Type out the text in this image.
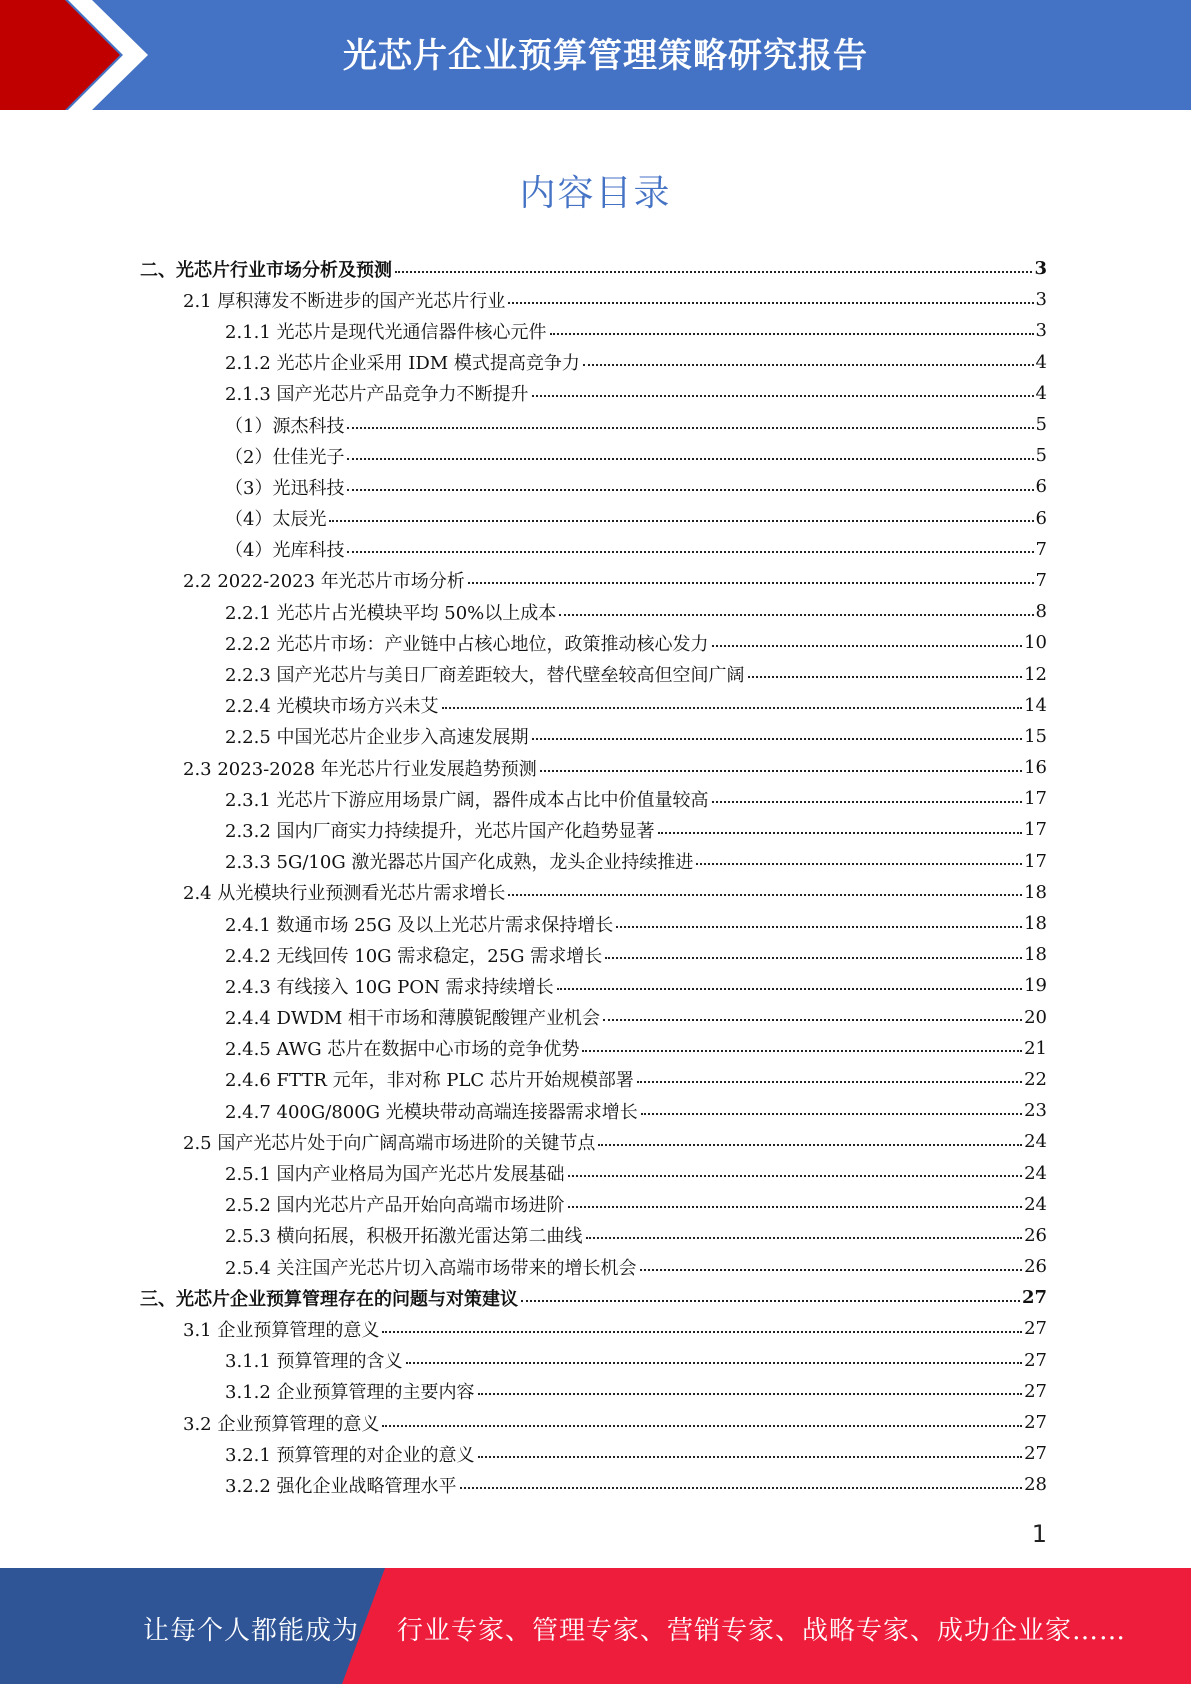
光芯片企业预算管理策略研究报告
内容目录
二、光芯片行业市场分析及预测	3
2.1 厚积薄发不断进步的国产光芯片行业	3
2.1.1 光芯片是现代光通信器件核心元件	3
2.1.2 光芯片企业采用 IDM 模式提高竞争力	4
2.1.3 国产光芯片产品竞争力不断提升	4
（1）源杰科技	5
（2）仕佳光子	5
（3）光迅科技	6
（4）太辰光	6
（4）光库科技	7
2.2 2022-2023 年光芯片市场分析	7
2.2.1 光芯片占光模块平均 50%以上成本	8
2.2.2 光芯片市场：产业链中占核心地位，政策推动核心发力	10
2.2.3 国产光芯片与美日厂商差距较大，替代壁垒较高但空间广阔	12
2.2.4 光模块市场方兴未艾	14
2.2.5 中国光芯片企业步入高速发展期	15
2.3 2023-2028 年光芯片行业发展趋势预测	16
2.3.1 光芯片下游应用场景广阔，器件成本占比中价值量较高	17
2.3.2 国内厂商实力持续提升，光芯片国产化趋势显著	17
2.3.3 5G/10G 激光器芯片国产化成熟，龙头企业持续推进	17
2.4 从光模块行业预测看光芯片需求增长	18
2.4.1 数通市场 25G 及以上光芯片需求保持增长	18
2.4.2 无线回传 10G 需求稳定，25G 需求增长	18
2.4.3 有线接入 10G PON 需求持续增长	19
2.4.4 DWDM 相干市场和薄膜铌酸锂产业机会	20
2.4.5 AWG 芯片在数据中心市场的竞争优势	21
2.4.6 FTTR 元年，非对称 PLC 芯片开始规模部署	22
2.4.7 400G/800G 光模块带动高端连接器需求增长	23
2.5 国产光芯片处于向广阔高端市场进阶的关键节点	24
2.5.1 国内产业格局为国产光芯片发展基础	24
2.5.2 国内光芯片产品开始向高端市场进阶	24
2.5.3 横向拓展，积极开拓激光雷达第二曲线	26
2.5.4 关注国产光芯片切入高端市场带来的增长机会	26
三、光芯片企业预算管理存在的问题与对策建议	27
3.1 企业预算管理的意义	27
3.1.1 预算管理的含义	27
3.1.2 企业预算管理的主要内容	27
3.2 企业预算管理的意义	27
3.2.1 预算管理的对企业的意义	27
3.2.2 强化企业战略管理水平	28
1
让每个人都能成为 行业专家、管理专家、营销专家、战略专家、成功企业家……
